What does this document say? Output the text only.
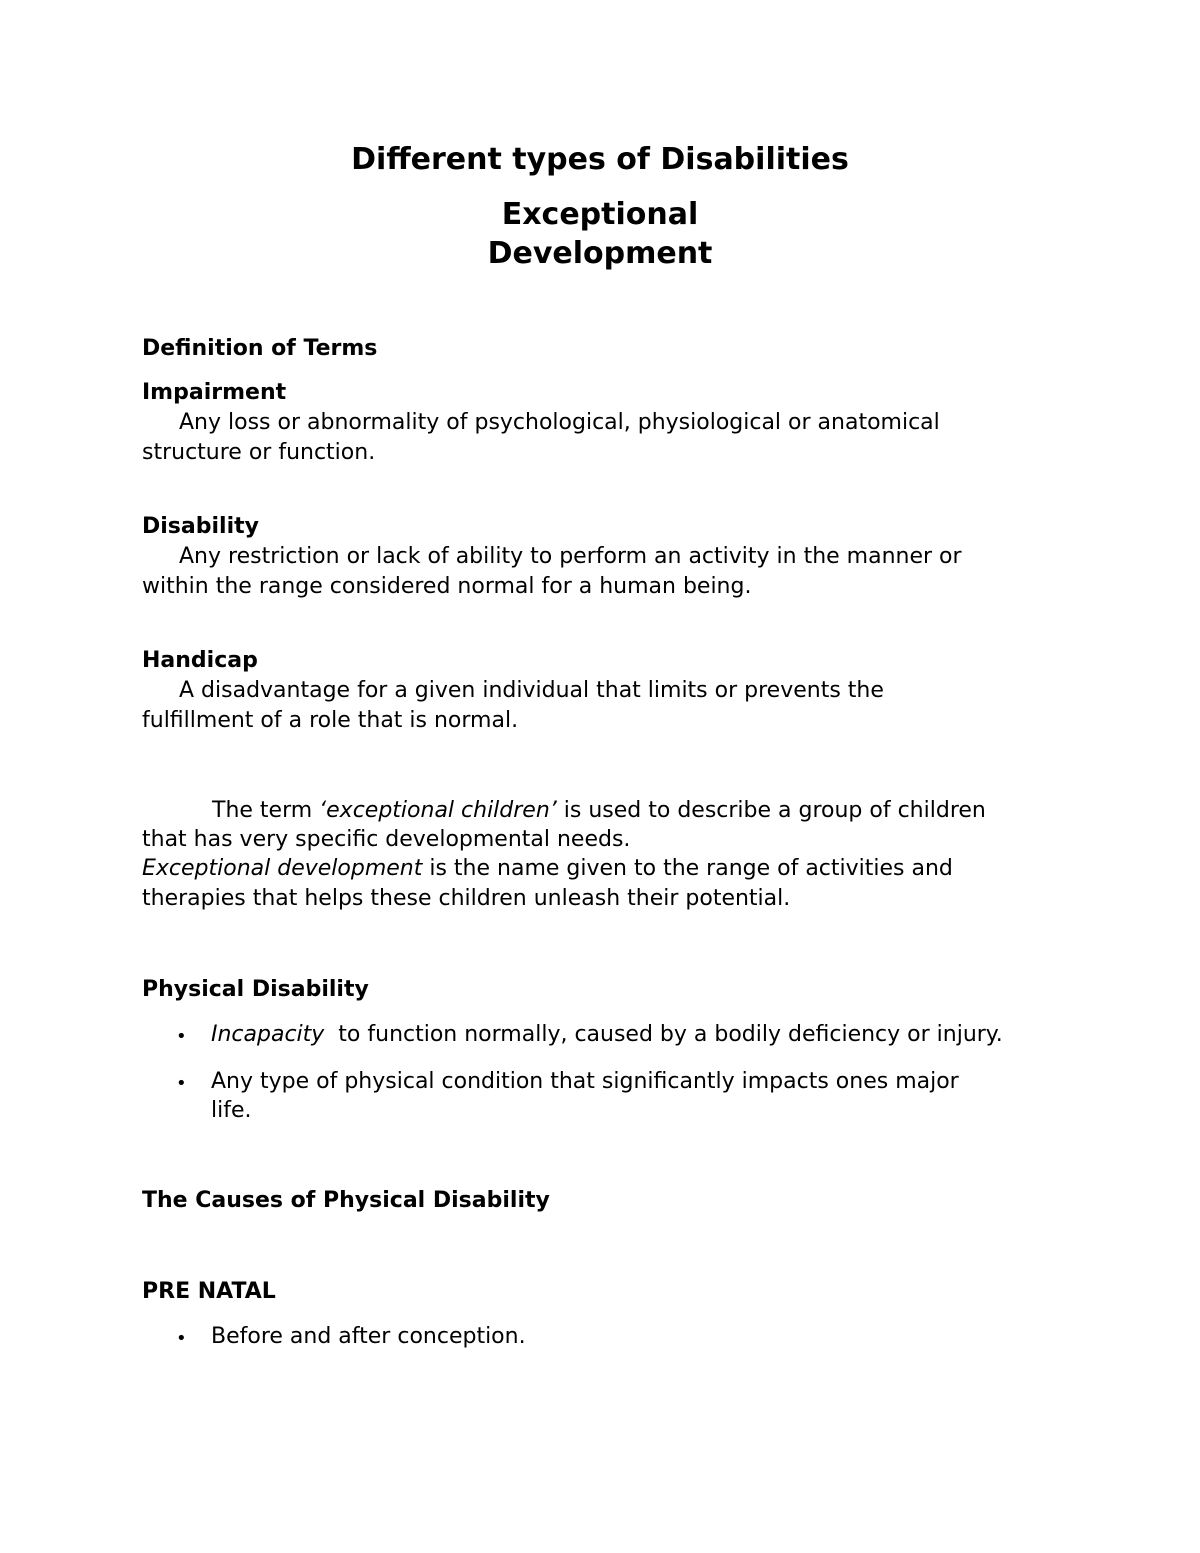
Different types of Disabilities
Exceptional
Development
Definition of Terms
Impairment
Any loss or abnormality of psychological, physiological or anatomical
structure or function.
Disability
Any restriction or lack of ability to perform an activity in the manner or
within the range considered normal for a human being.
Handicap
A disadvantage for a given individual that limits or prevents the
fulfillment of a role that is normal.
The term ‘exceptional children’ is used to describe a group of children
that has very specific developmental needs.
Exceptional development is the name given to the range of activities and
therapies that helps these children unleash their potential.
Physical Disability
• Incapacity  to function normally, caused by a bodily deficiency or injury.
• Any type of physical condition that significantly impacts ones major
life.
The Causes of Physical Disability
PRE NATAL
• Before and after conception.
